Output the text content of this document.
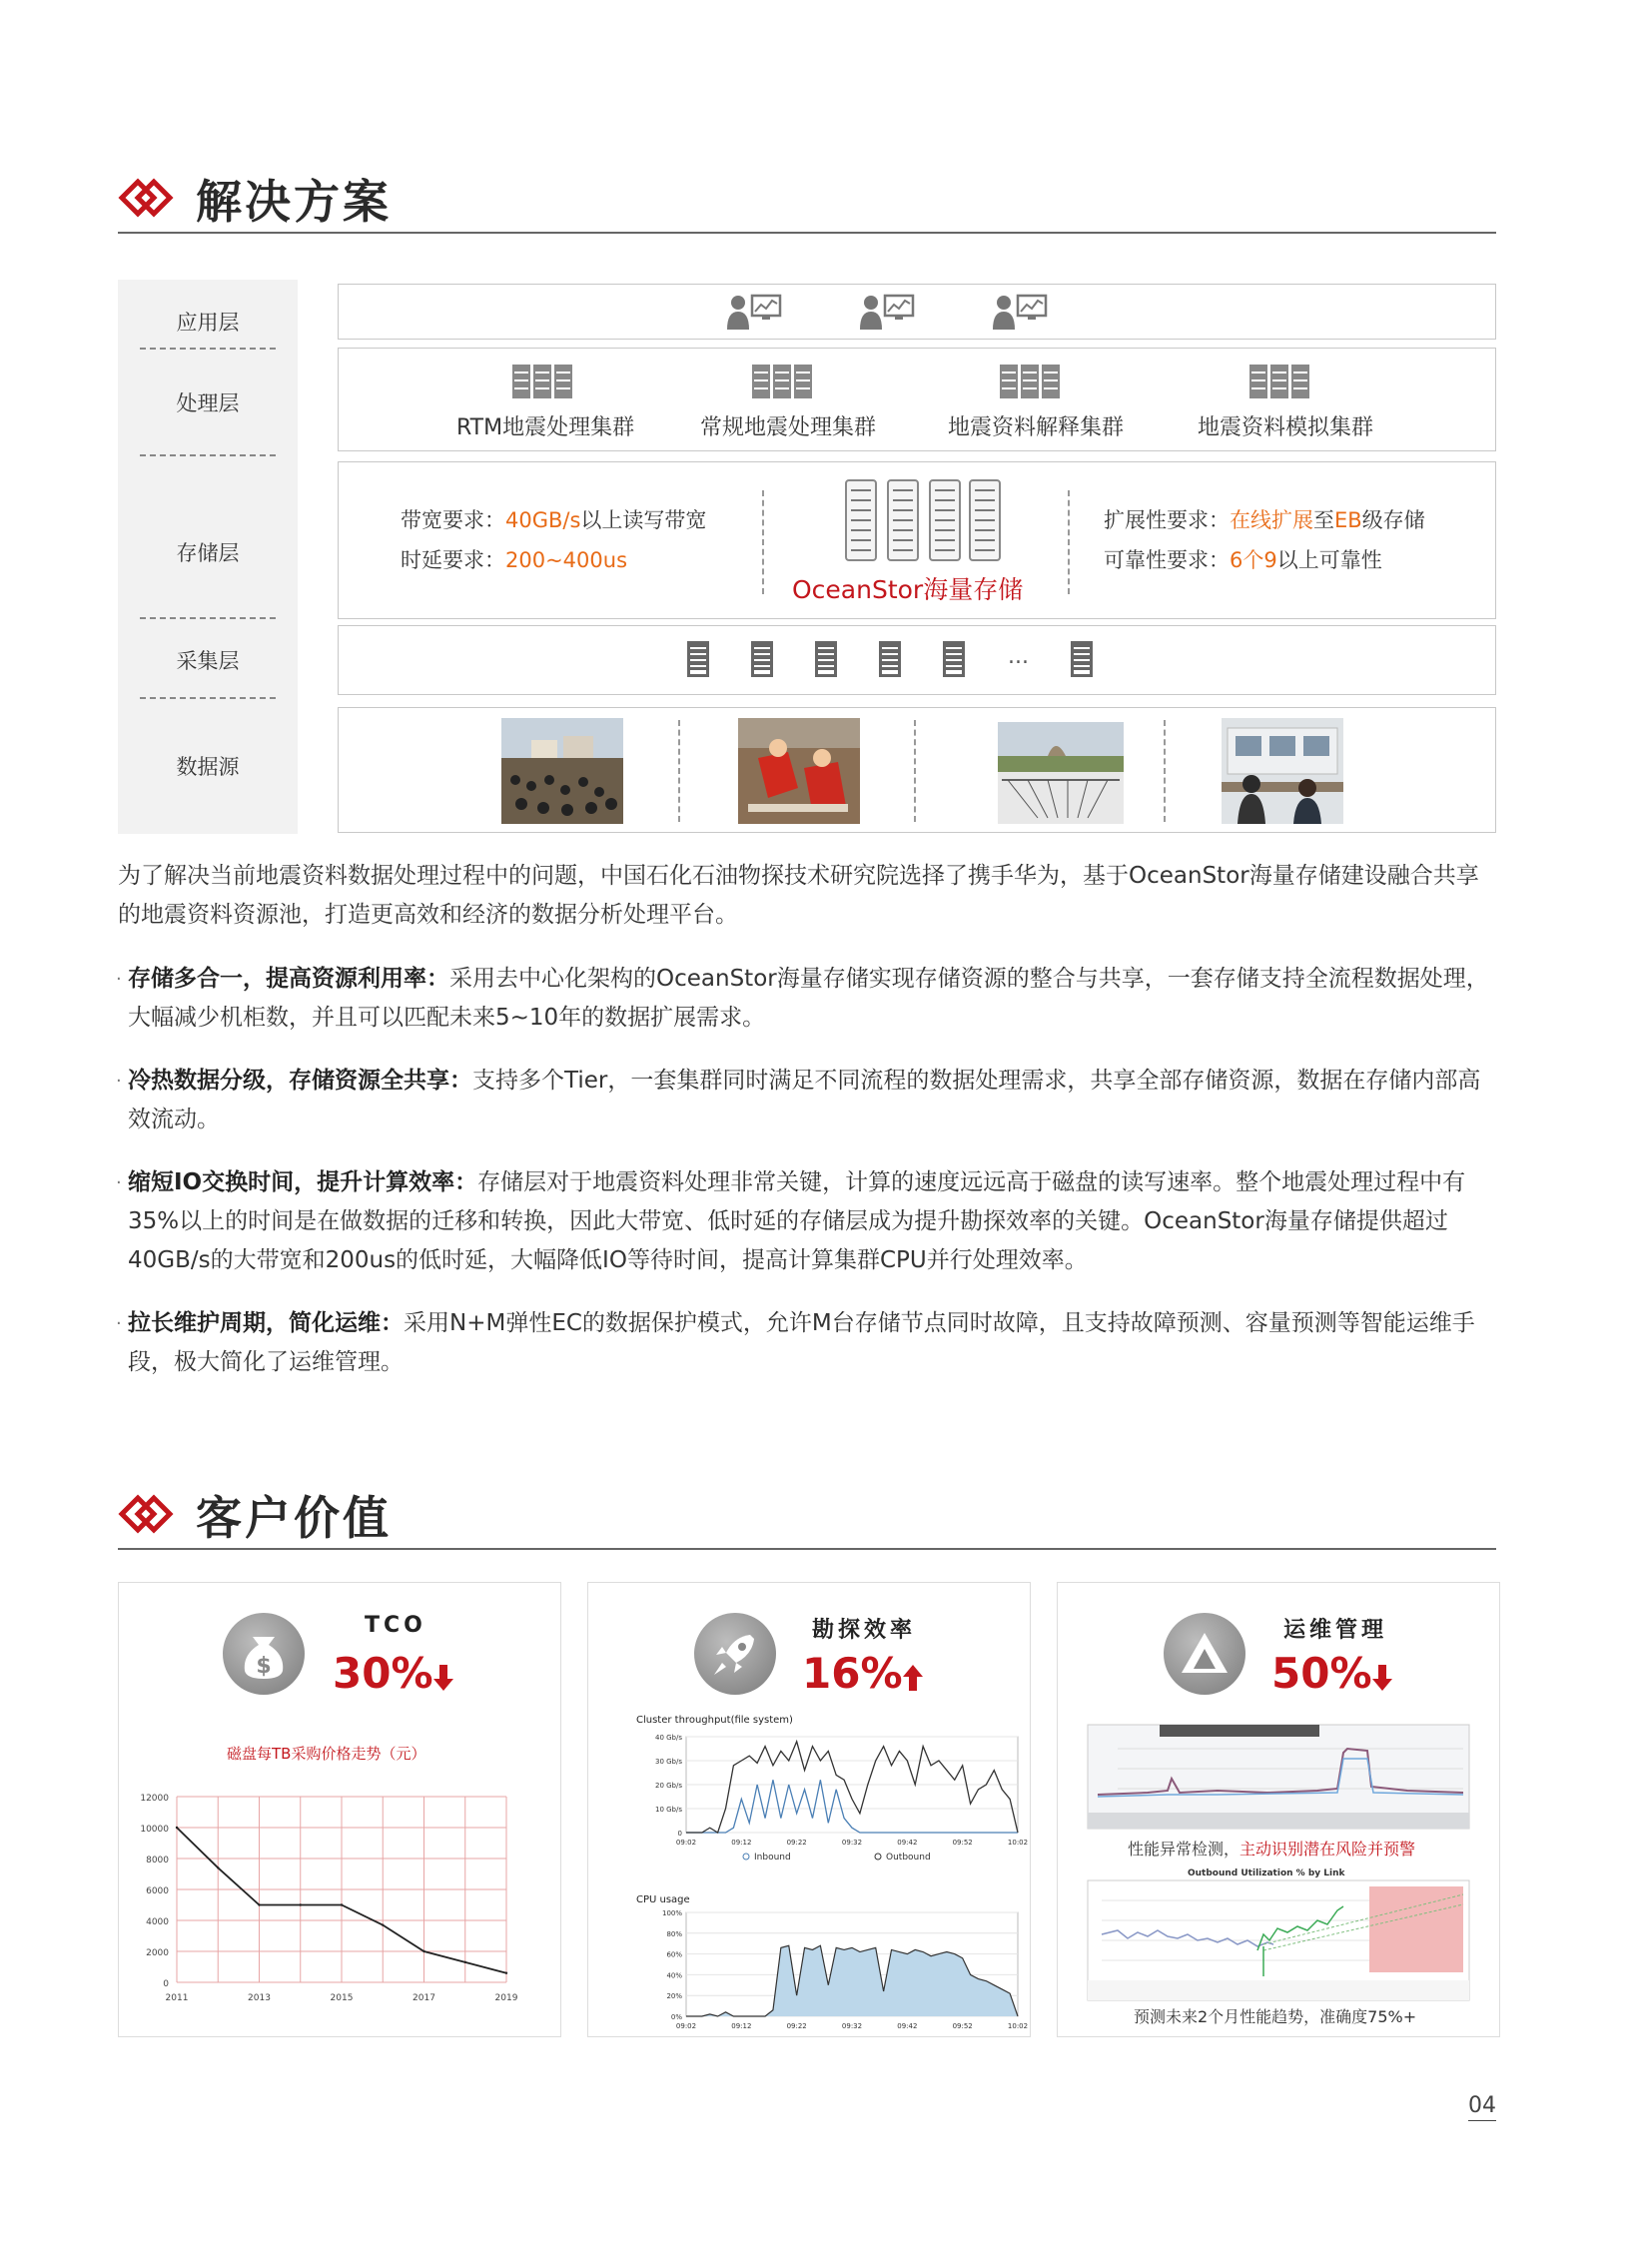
解决方案
应用层
处理层
存储层
采集层
数据源
RTM地震处理集群	常规地震处理集群	地震资料解释集群	地震资料模拟集群
带宽要求：40GB/s以上读写带宽
时延要求：200~400us
OceanStor海量存储
扩展性要求：在线扩展至EB级存储
可靠性要求：6个9以上可靠性
...

为了解决当前地震资料数据处理过程中的问题，中国石化石油物探技术研究院选择了携手华为，基于OceanStor海量存储建设融合共享的地震资料资源池，打造更高效和经济的数据分析处理平台。

· 存储多合一，提高资源利用率：采用去中心化架构的OceanStor海量存储实现存储资源的整合与共享，一套存储支持全流程数据处理，大幅减少机柜数，并且可以匹配未来5~10年的数据扩展需求。

· 冷热数据分级，存储资源全共享：支持多个Tier，一套集群同时满足不同流程的数据处理需求，共享全部存储资源，数据在存储内部高效流动。

· 缩短IO交换时间，提升计算效率：存储层对于地震资料处理非常关键，计算的速度远远高于磁盘的读写速率。整个地震处理过程中有35%以上的时间是在做数据的迁移和转换，因此大带宽、低时延的存储层成为提升勘探效率的关键。OceanStor海量存储提供超过40GB/s的大带宽和200us的低时延，大幅降低IO等待时间，提高计算集群CPU并行处理效率。

· 拉长维护周期，简化运维：采用N+M弹性EC的数据保护模式，允许M台存储节点同时故障，且支持故障预测、容量预测等智能运维手段，极大简化了运维管理。

客户价值
$
TCO
30%
磁盘每TB采购价格走势（元）
0
2000
4000
6000
8000
10000
12000
2011	2013	2015	2017	2019
勘探效率
16%
Cluster throughput(file system)
0
10 Gb/s
20 Gb/s
30 Gb/s
40 Gb/s
09:02	09:12	09:22	09:32	09:42	09:52	10:02
Inbound	Outbound
CPU usage
0%
20%
40%
60%
80%
100%
09:02	09:12	09:22	09:32	09:42	09:52	10:02
运维管理
50%
性能异常检测，主动识别潜在风险并预警
Outbound Utilization % by Link
预测未来2个月性能趋势，准确度75%+
04
